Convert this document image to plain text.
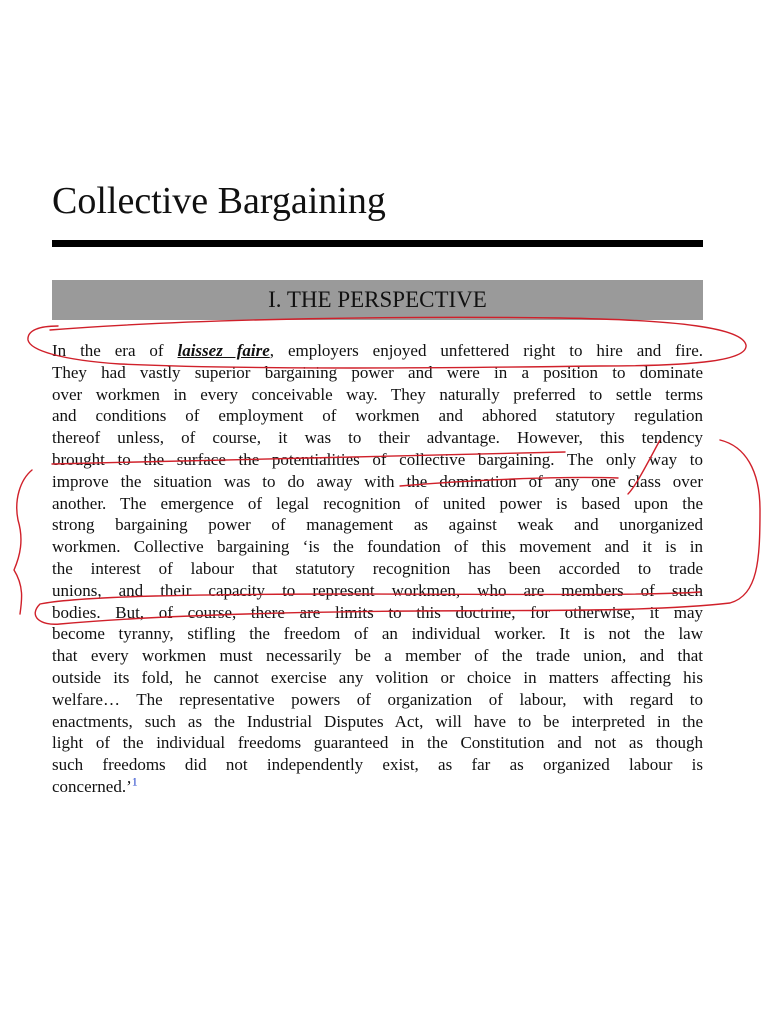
Collective Bargaining
I. THE PERSPECTIVE
In the era of laissez faire, employers enjoyed unfettered right to hire and fire.
They had vastly superior bargaining power and were in a position to dominate
over workmen in every conceivable way. They naturally preferred to settle terms
and conditions of employment of workmen and abhored statutory regulation
thereof unless, of course, it was to their advantage. However, this tendency
brought to the surface the potentialities of collective bargaining. The only way to
improve the situation was to do away with the domination of any one class over
another. The emergence of legal recognition of united power is based upon the
strong bargaining power of management as against weak and unorganized
workmen. Collective bargaining ‘is the foundation of this movement and it is in
the interest of labour that statutory recognition has been accorded to trade
unions, and their capacity to represent workmen, who are members of such
bodies. But, of course, there are limits to this doctrine, for otherwise, it may
become tyranny, stifling the freedom of an individual worker. It is not the law
that every workmen must necessarily be a member of the trade union, and that
outside its fold, he cannot exercise any volition or choice in matters affecting his
welfare… The representative powers of organization of labour, with regard to
enactments, such as the Industrial Disputes Act, will have to be interpreted in the
light of the individual freedoms guaranteed in the Constitution and not as though
such freedoms did not independently exist, as far as organized labour is
concerned.’$^1$
